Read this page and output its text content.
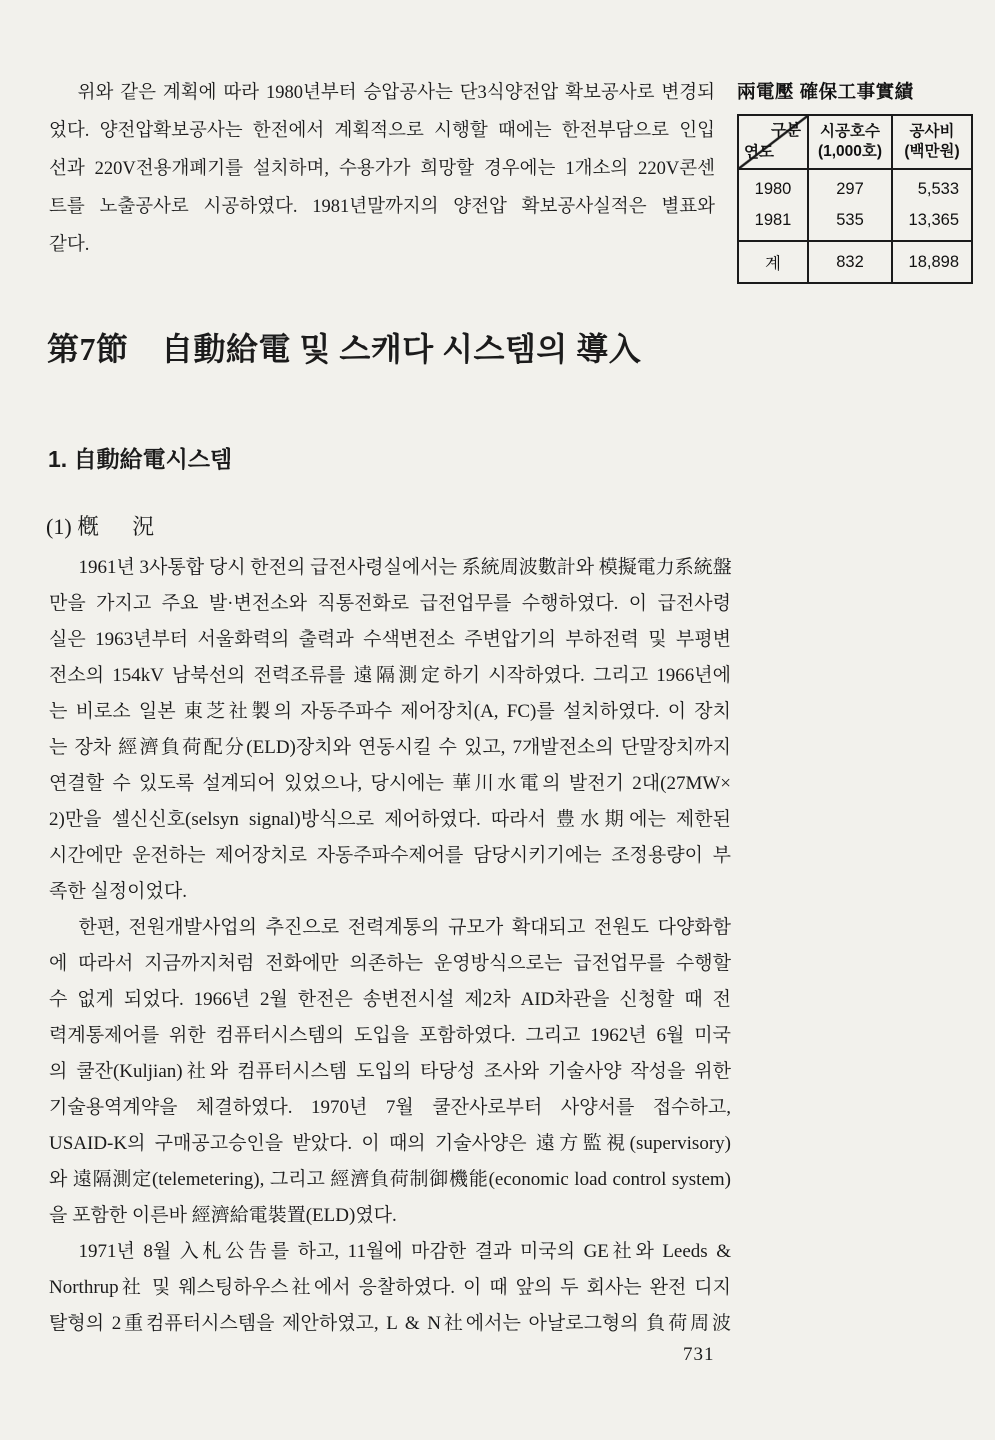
위와 같은 계획에 따라 1980년부터 승압공사는 단3식양전압 확보공사로 변경되
었다. 양전압확보공사는 한전에서 계획적으로 시행할 때에는 한전부담으로 인입
선과 220V전용개폐기를 설치하며, 수용가가 희망할 경우에는 1개소의 220V콘센
트를 노출공사로 시공하였다. 1981년말까지의 양전압 확보공사실적은 별표와
같다.
兩電壓 確保工事實績
구분
연도

시공호수
(1,000호)

공사비
(백만원)

1980	297	5,533
1981	535	13,365
계	832	18,898
第7節 自動給電 및 스캐다 시스템의 導入
1. 自動給電시스템
(1) 槪  況
1961년 3사통합 당시 한전의 급전사령실에서는 系統周波數計와 模擬電力系統盤
만을 가지고 주요 발·변전소와 직통전화로 급전업무를 수행하였다. 이 급전사령
실은 1963년부터 서울화력의 출력과 수색변전소 주변압기의 부하전력 및 부평변
전소의 154kV 남북선의 전력조류를 遠隔測定하기 시작하였다. 그리고 1966년에
는 비로소 일본 東芝社製의 자동주파수 제어장치(A, FC)를 설치하였다. 이 장치
는 장차 經濟負荷配分(ELD)장치와 연동시킬 수 있고, 7개발전소의 단말장치까지
연결할 수 있도록 설계되어 있었으나, 당시에는 華川水電의 발전기 2대(27MW×
2)만을 셀신신호(selsyn signal)방식으로 제어하였다. 따라서 豊水期에는 제한된
시간에만 운전하는 제어장치로 자동주파수제어를 담당시키기에는 조정용량이 부
족한 실정이었다.
한편, 전원개발사업의 추진으로 전력계통의 규모가 확대되고 전원도 다양화함
에 따라서 지금까지처럼 전화에만 의존하는 운영방식으로는 급전업무를 수행할
수 없게 되었다. 1966년 2월 한전은 송변전시설 제2차 AID차관을 신청할 때 전
력계통제어를 위한 컴퓨터시스템의 도입을 포함하였다. 그리고 1962년 6월 미국
의 쿨잔(Kuljian)社와 컴퓨터시스템 도입의 타당성 조사와 기술사양 작성을 위한
기술용역계약을 체결하였다. 1970년 7월 쿨잔사로부터 사양서를 접수하고,
USAID-K의 구매공고승인을 받았다. 이 때의 기술사양은 遠方監視(supervisory)
와 遠隔測定(telemetering), 그리고 經濟負荷制御機能(economic load control system)
을 포함한 이른바 經濟給電裝置(ELD)였다.
1971년 8월 入札公告를 하고, 11월에 마감한 결과 미국의 GE社와 Leeds &
Northrup社 및 웨스팅하우스社에서 응찰하였다. 이 때 앞의 두 회사는 완전 디지
탈형의 2重컴퓨터시스템을 제안하였고, L & N社에서는 아날로그형의 負荷周波
731
